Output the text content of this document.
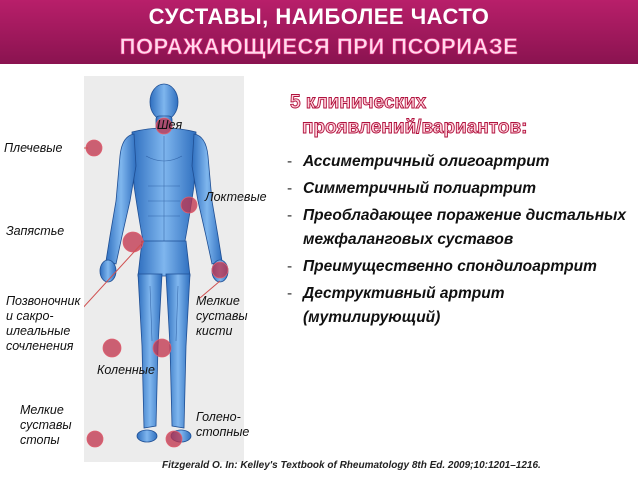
СУСТАВЫ, НАИБОЛЕЕ ЧАСТО
ПОРАЖАЮЩИЕСЯ ПРИ ПСОРИАЗЕ
Шея
Плечевые
Локтевые
Запястье
Позвоночник
и сакро-
илеальные
сочленения
Мелкие
суставы
кисти
Коленные
Мелкие
суставы
стопы
Голено-
стопные
5 клинических
проявлений/вариантов:
- Ассиметричный олигоартрит
- Симметричный полиартрит
- Преобладающее поражение дистальных межфаланговых суставов
- Преимущественно спондилоартрит
- Деструктивный артрит (мутилирующий)
Fitzgerald O. In: Kelley's Textbook of Rheumatology 8th Ed. 2009;10:1201–1216.
